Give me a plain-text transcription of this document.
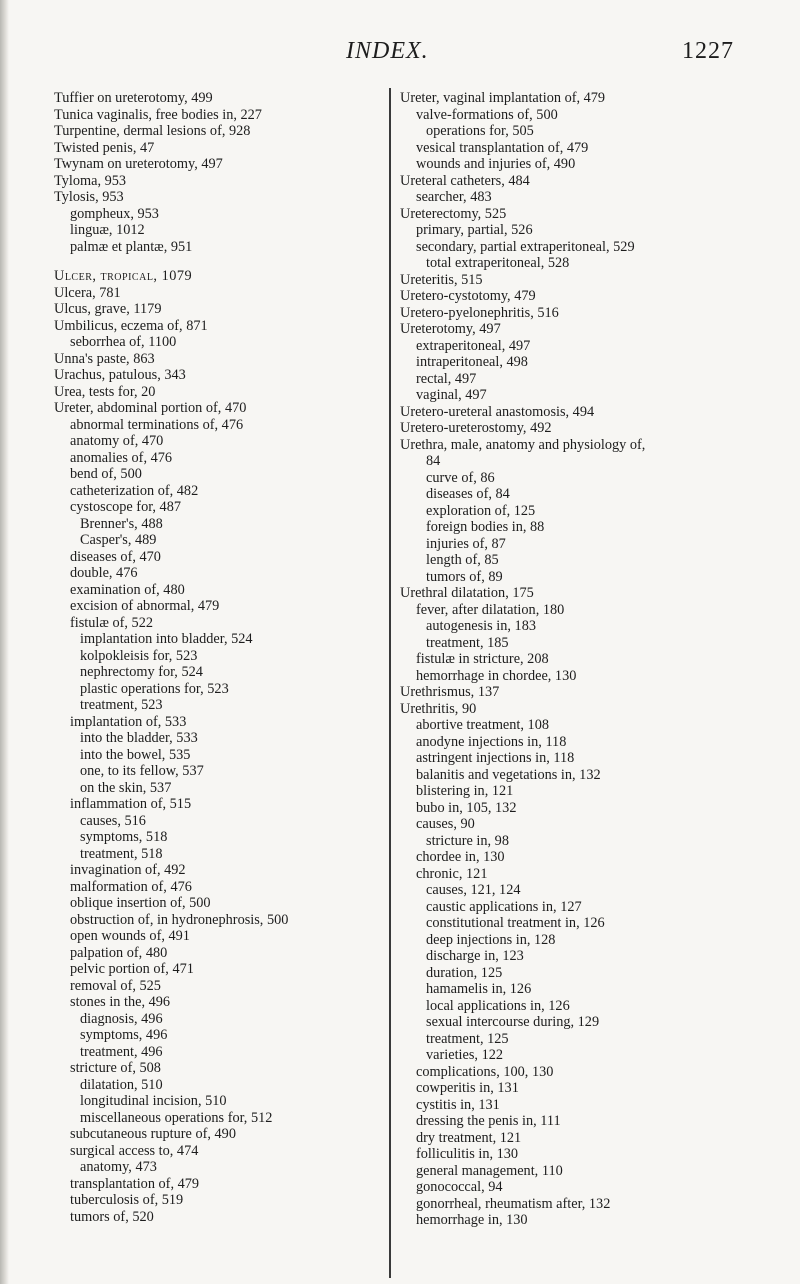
INDEX.	1227
Tuffier on ureterotomy, 499
Tunica vaginalis, free bodies in, 227
Turpentine, dermal lesions of, 928
Twisted penis, 47
Twynam on ureterotomy, 497
Tyloma, 953
Tylosis, 953
gompheux, 953
linguæ, 1012
palmæ et plantæ, 951
Ulcer, tropical, 1079
Ulcera, 781
Ulcus, grave, 1179
Umbilicus, eczema of, 871
seborrhea of, 1100
Unna's paste, 863
Urachus, patulous, 343
Urea, tests for, 20
Ureter, abdominal portion of, 470
abnormal terminations of, 476
anatomy of, 470
anomalies of, 476
bend of, 500
catheterization of, 482
cystoscope for, 487
Brenner's, 488
Casper's, 489
diseases of, 470
double, 476
examination of, 480
excision of abnormal, 479
fistulæ of, 522
implantation into bladder, 524
kolpokleisis for, 523
nephrectomy for, 524
plastic operations for, 523
treatment, 523
implantation of, 533
into the bladder, 533
into the bowel, 535
one, to its fellow, 537
on the skin, 537
inflammation of, 515
causes, 516
symptoms, 518
treatment, 518
invagination of, 492
malformation of, 476
oblique insertion of, 500
obstruction of, in hydronephrosis, 500
open wounds of, 491
palpation of, 480
pelvic portion of, 471
removal of, 525
stones in the, 496
diagnosis, 496
symptoms, 496
treatment, 496
stricture of, 508
dilatation, 510
longitudinal incision, 510
miscellaneous operations for, 512
subcutaneous rupture of, 490
surgical access to, 474
anatomy, 473
transplantation of, 479
tuberculosis of, 519
tumors of, 520
Ureter, vaginal implantation of, 479
valve-formations of, 500
operations for, 505
vesical transplantation of, 479
wounds and injuries of, 490
Ureteral catheters, 484
searcher, 483
Ureterectomy, 525
primary, partial, 526
secondary, partial extraperitoneal, 529
total extraperitoneal, 528
Ureteritis, 515
Uretero-cystotomy, 479
Uretero-pyelonephritis, 516
Ureterotomy, 497
extraperitoneal, 497
intraperitoneal, 498
rectal, 497
vaginal, 497
Uretero-ureteral anastomosis, 494
Uretero-ureterostomy, 492
Urethra, male, anatomy and physiology of,
84
curve of, 86
diseases of, 84
exploration of, 125
foreign bodies in, 88
injuries of, 87
length of, 85
tumors of, 89
Urethral dilatation, 175
fever, after dilatation, 180
autogenesis in, 183
treatment, 185
fistulæ in stricture, 208
hemorrhage in chordee, 130
Urethrismus, 137
Urethritis, 90
abortive treatment, 108
anodyne injections in, 118
astringent injections in, 118
balanitis and vegetations in, 132
blistering in, 121
bubo in, 105, 132
causes, 90
stricture in, 98
chordee in, 130
chronic, 121
causes, 121, 124
caustic applications in, 127
constitutional treatment in, 126
deep injections in, 128
discharge in, 123
duration, 125
hamamelis in, 126
local applications in, 126
sexual intercourse during, 129
treatment, 125
varieties, 122
complications, 100, 130
cowperitis in, 131
cystitis in, 131
dressing the penis in, 111
dry treatment, 121
folliculitis in, 130
general management, 110
gonococcal, 94
gonorrheal, rheumatism after, 132
hemorrhage in, 130
